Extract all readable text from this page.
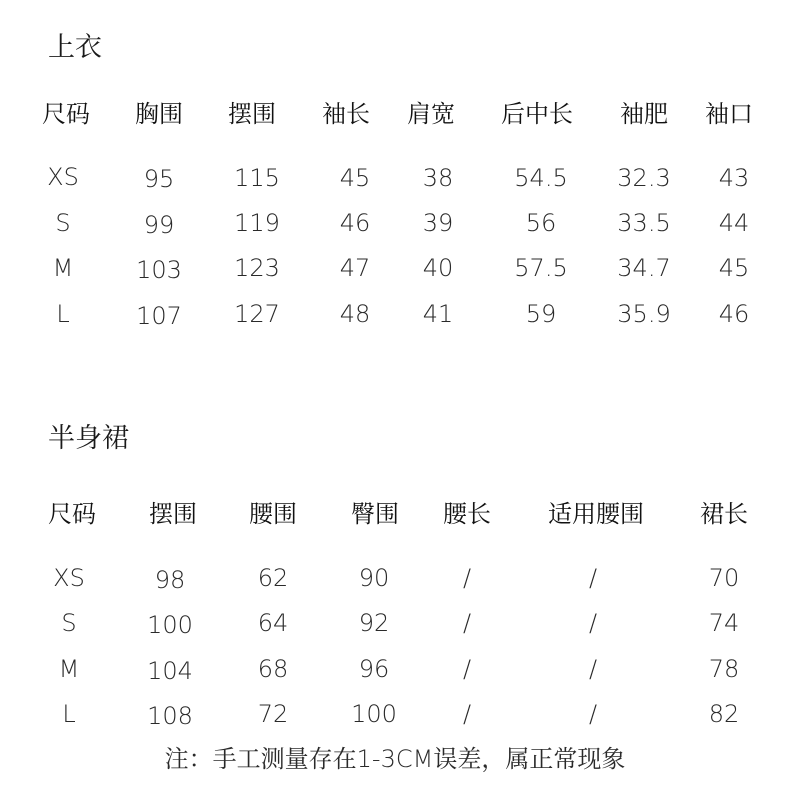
上衣
尺码 胸围 摆围 袖长 肩宽 后中长 袖肥 袖口
XS	95 115 45 38	54.5 32.3 43
S	99 119 46 39	56	33.5 44
M	103 123 47 40	57.5 34.7 45
L	107 127 48 41	59	35.9 46
半身裙
尺码 摆围 腰围 臀围 腰长 适用腰围 裙长
XS	98	62	90	/	/	70
S	100	64	92	/	/	74
M	104	68	96	/	/	78
L	108	72	100	/	/	82
注：手工测量存在1-3CM误差，属正常现象
